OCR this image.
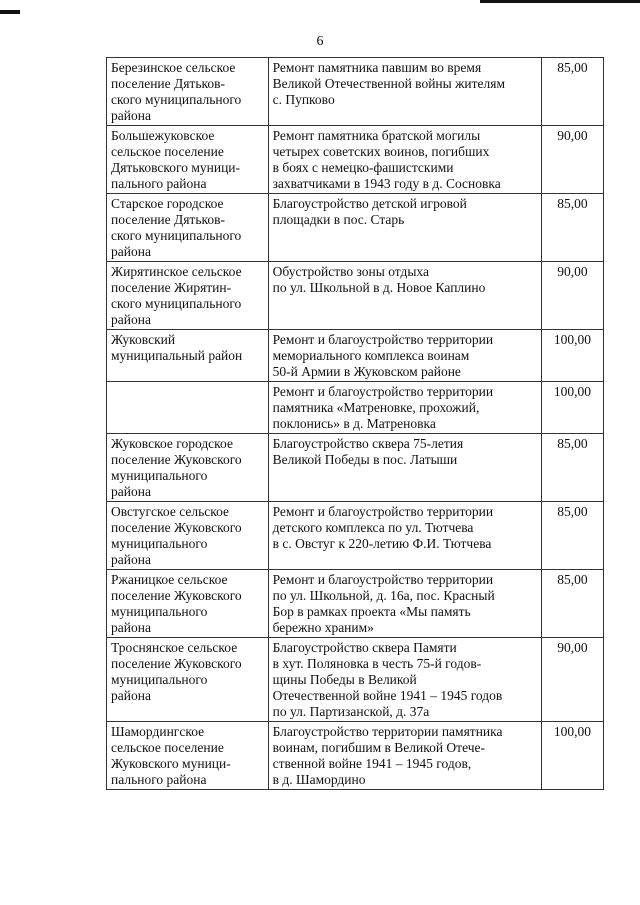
6
Березинское сельское
поселение Дятьков-
ского муниципального
района	Ремонт памятника павшим во время
Великой Отечественной войны жителям
с. Пупково	85,00

Большежуковское
сельское поселение
Дятьковского муници-
пального района	Ремонт памятника братской могилы
четырех советских воинов, погибших
в боях с немецко-фашистскими
захватчиками в 1943 году в д. Сосновка	90,00

Старское городское
поселение Дятьков-
ского муниципального
района	Благоустройство детской игровой
площадки в пос. Старь	85,00

Жирятинское сельское
поселение Жирятин-
ского муниципального
района	Обустройство зоны отдыха
по ул. Школьной в д. Новое Каплино	90,00

Жуковский
муниципальный район	Ремонт и благоустройство территории
мемориального комплекса воинам
50-й Армии в Жуковском районе	100,00

	Ремонт и благоустройство территории
памятника «Матреновке, прохожий,
поклонись» в д. Матреновка	100,00

Жуковское городское
поселение Жуковского
муниципального
района	Благоустройство сквера 75-летия
Великой Победы в пос. Латыши	85,00

Овстугское сельское
поселение Жуковского
муниципального
района	Ремонт и благоустройство территории
детского комплекса по ул. Тютчева
в с. Овстуг к 220-летию Ф.И. Тютчева	85,00

Ржаницкое сельское
поселение Жуковского
муниципального
района	Ремонт и благоустройство территории
по ул. Школьной, д. 16а, пос. Красный
Бор в рамках проекта «Мы память
бережно храним»	85,00

Троснянское сельское
поселение Жуковского
муниципального
района	Благоустройство сквера Памяти
в хут. Поляновка в честь 75-й годов-
щины Победы в Великой
Отечественной войне 1941 – 1945 годов
по ул. Партизанской, д. 37а	90,00

Шамордингское
сельское поселение
Жуковского муници-
пального района	Благоустройство территории памятника
воинам, погибшим в Великой Отече-
ственной войне 1941 – 1945 годов,
в д. Шамордино	100,00
